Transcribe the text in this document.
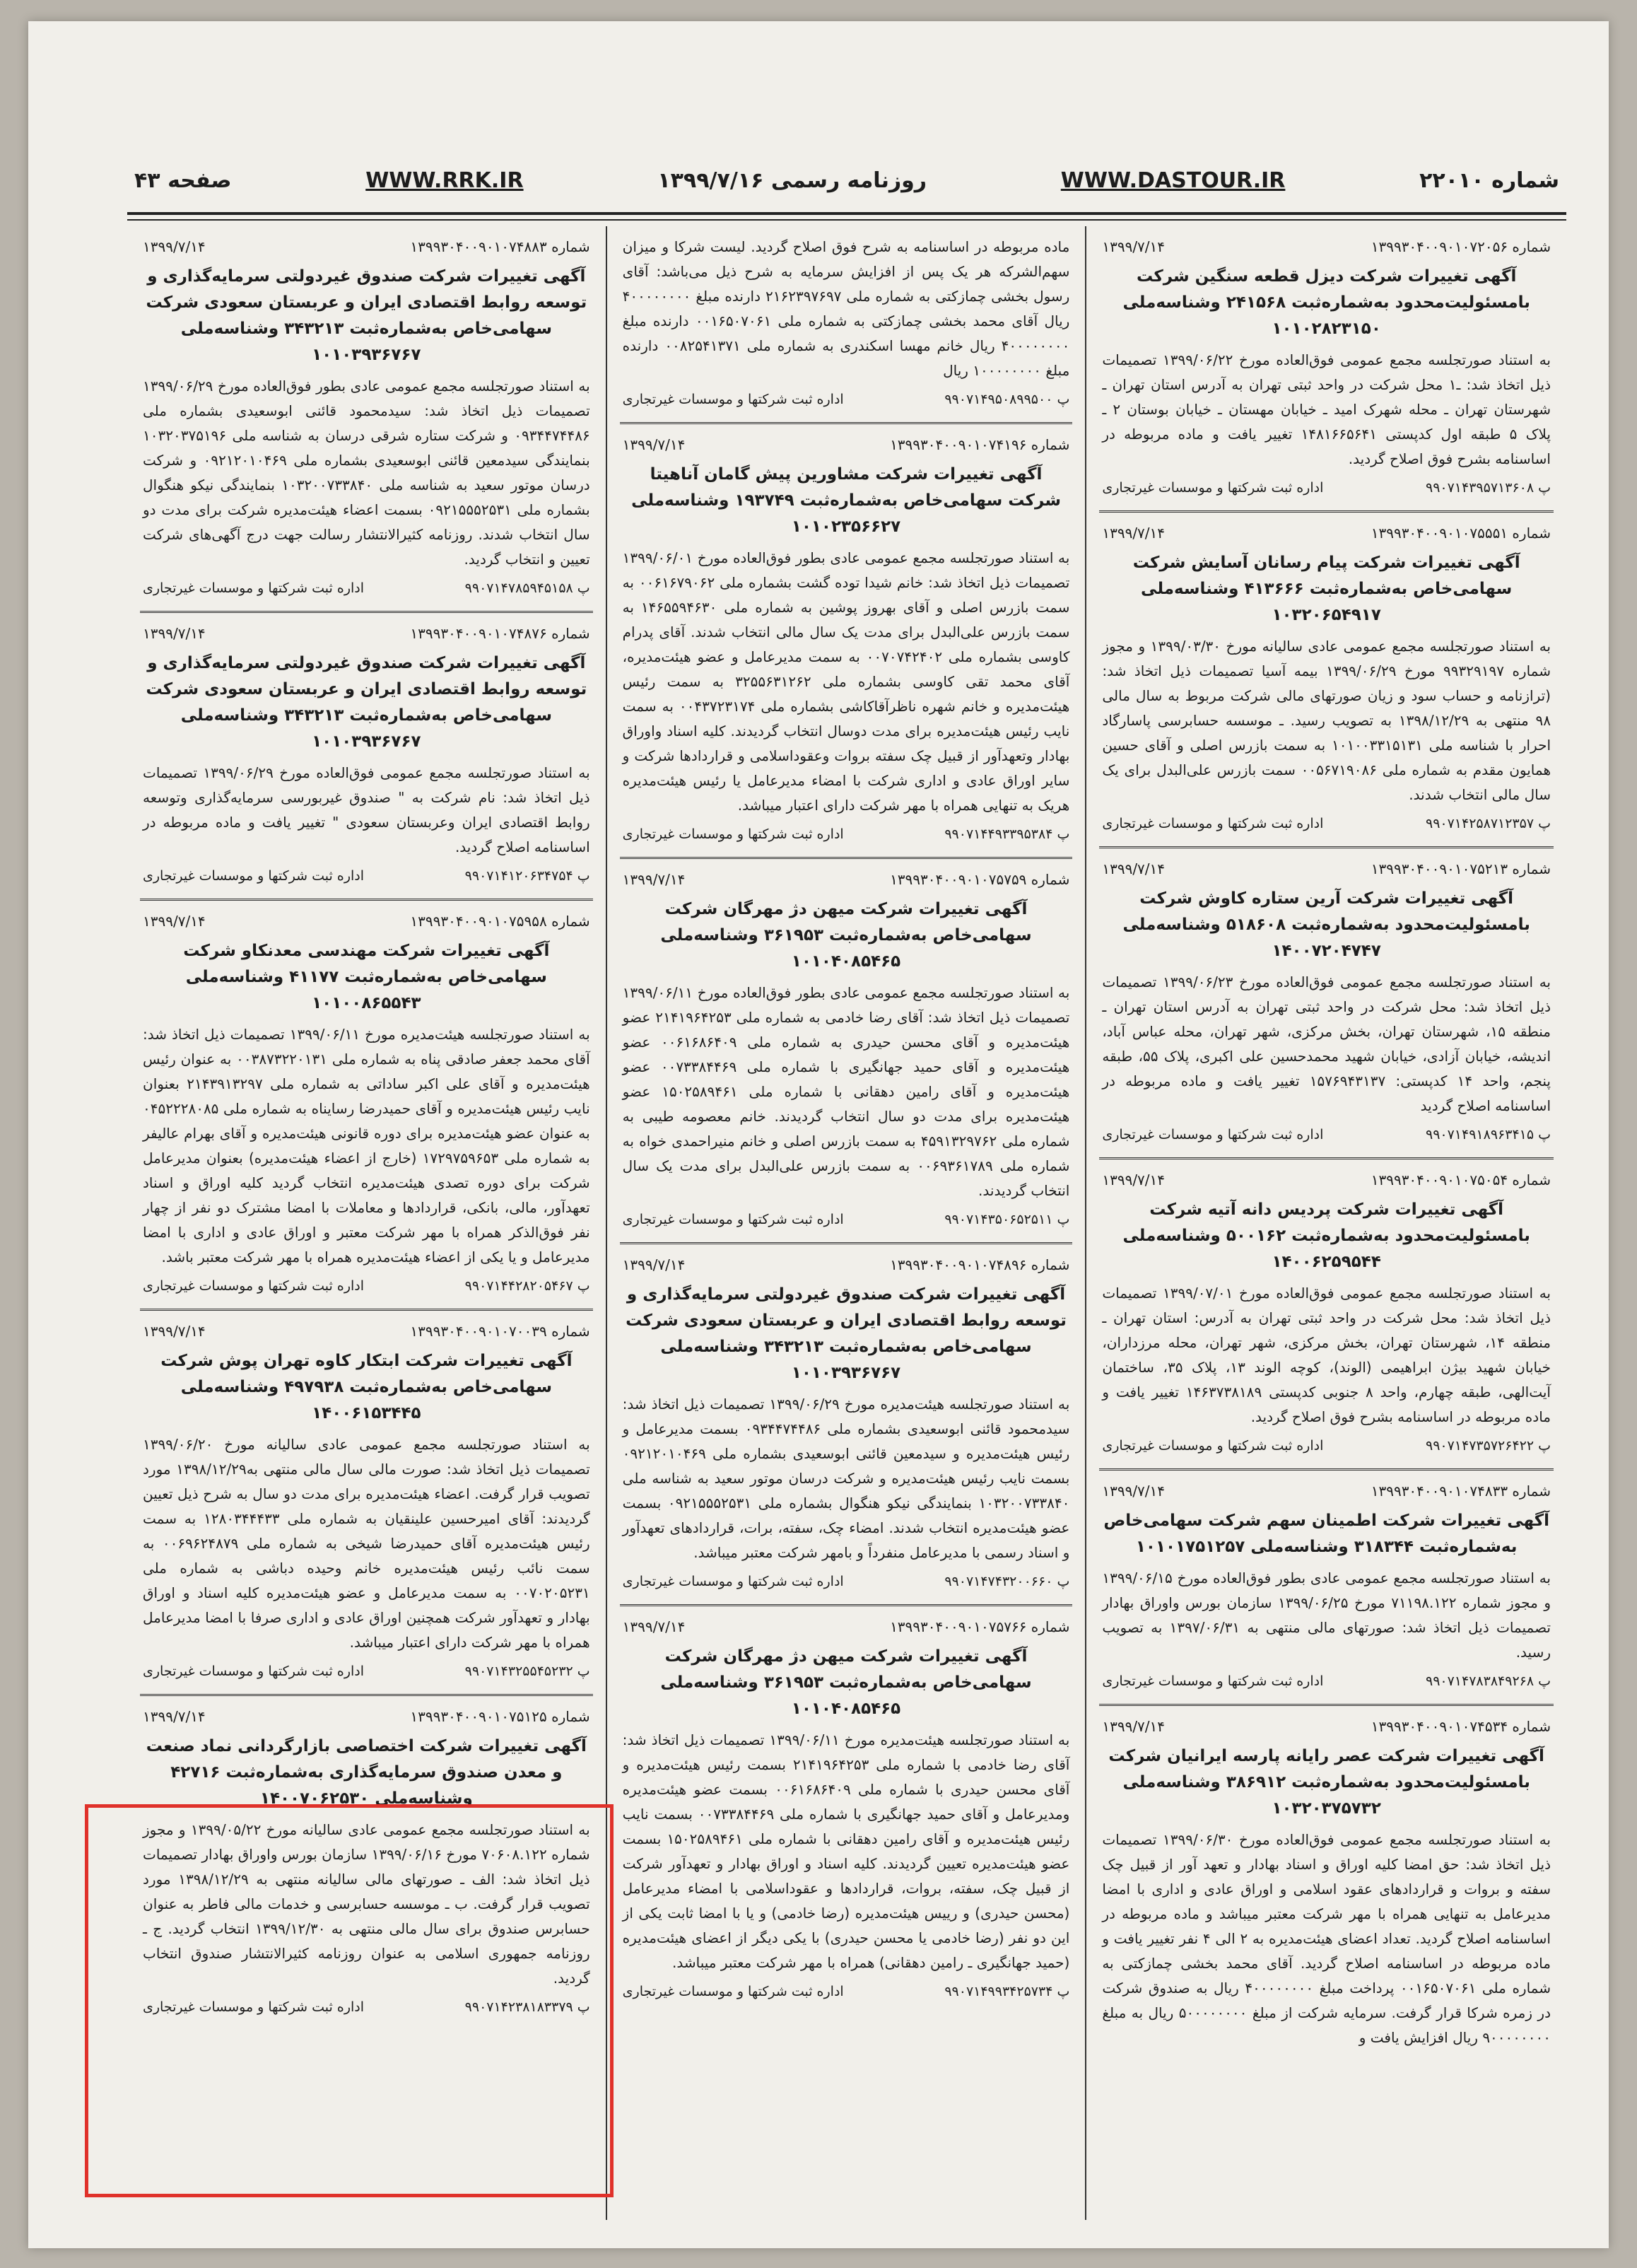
صفحه ۴۳	WWW.RRK.IR	روزنامه رسمی ۱۳۹۹/۷/۱۶	WWW.DASTOUR.IR	شماره ۲۲۰۱۰
شماره ۱۳۹۹۳۰۴۰۰۹۰۱۰۷۲۰۵۶
۱۳۹۹/۷/۱۴
آگهی تغییرات شرکت دیزل قطعه سنگین شرکت بامسئولیت‌محدود به‌شماره‌ثبت ۲۴۱۵۶۸ وشناسه‌ملی ۱۰۱۰۲۸۲۳۱۵۰
به استناد صورتجلسه مجمع عمومی فوق‌العاده مورخ ۱۳۹۹/۰۶/۲۲ تصمیمات ذیل اتخاذ شد: ـ۱ محل شرکت در واحد ثبتی تهران به آدرس استان تهران ـ شهرستان تهران ـ محله شهرک امید ـ خیابان مهستان ـ خیابان بوستان ۲ ـ پلاک ۵ طبقه اول کدپستی ۱۴۸۱۶۶۵۶۴۱ تغییر یافت و ماده مربوطه در اساسنامه بشرح فوق اصلاح گردید.
پ ۹۹۰۷۱۴۳۹۵۷۱۳۶۰۸
اداره ثبت شرکتها و موسسات غیرتجاری
شماره ۱۳۹۹۳۰۴۰۰۹۰۱۰۷۵۵۵۱
۱۳۹۹/۷/۱۴
آگهی تغییرات شرکت پیام رسانان آسایش شرکت سهامی‌خاص به‌شماره‌ثبت ۴۱۳۶۶۶ وشناسه‌ملی ۱۰۳۲۰۶۵۴۹۱۷
به استناد صورتجلسه مجمع عمومی عادی سالیانه مورخ ۱۳۹۹/۰۳/۳۰ و مجوز شماره ۹۹۳۲۹۱۹۷ مورخ ۱۳۹۹/۰۶/۲۹ بیمه آسیا تصمیمات ذیل اتخاذ شد: (ترازنامه و حساب سود و زیان صورتهای مالی شرکت مربوط به سال مالی ۹۸ منتهی به ۱۳۹۸/۱۲/۲۹ به تصویب رسید. ـ موسسه حسابرسی پاسارگاد احرار با شناسه ملی ۱۰۱۰۰۳۳۱۵۱۳۱ به سمت بازرس اصلی و آقای حسین همایون مقدم به شماره ملی ۰۰۵۶۷۱۹۰۸۶ سمت بازرس علی‌البدل برای یک سال مالی انتخاب شدند.
پ ۹۹۰۷۱۴۲۵۸۷۱۲۳۵۷
اداره ثبت شرکتها و موسسات غیرتجاری
شماره ۱۳۹۹۳۰۴۰۰۹۰۱۰۷۵۲۱۳
۱۳۹۹/۷/۱۴
آگهی تغییرات شرکت آرین ستاره کاوش شرکت بامسئولیت‌محدود به‌شماره‌ثبت ۵۱۸۶۰۸ وشناسه‌ملی ۱۴۰۰۷۲۰۴۷۴۷
به استناد صورتجلسه مجمع عمومی فوق‌العاده مورخ ۱۳۹۹/۰۶/۲۳ تصمیمات ذیل اتخاذ شد: محل شرکت در واحد ثبتی تهران به آدرس استان تهران ـ منطقه ۱۵، شهرستان تهران، بخش مرکزی، شهر تهران، محله عباس آباد، اندیشه، خیابان آزادی، خیابان شهید محمدحسین علی اکبری، پلاک ۵۵، طبقه پنجم، واحد ۱۴ کدپستی: ۱۵۷۶۹۴۳۱۳۷ تغییر یافت و ماده مربوطه در اساسنامه اصلاح گردید
پ ۹۹۰۷۱۴۹۱۸۹۶۳۴۱۵
اداره ثبت شرکتها و موسسات غیرتجاری
شماره ۱۳۹۹۳۰۴۰۰۹۰۱۰۷۵۰۵۴
۱۳۹۹/۷/۱۴
آگهی تغییرات شرکت پردیس دانه آتیه شرکت بامسئولیت‌محدود به‌شماره‌ثبت ۵۰۰۱۶۲ وشناسه‌ملی ۱۴۰۰۶۲۵۹۵۴۴
به استناد صورتجلسه مجمع عمومی فوق‌العاده مورخ ۱۳۹۹/۰۷/۰۱ تصمیمات ذیل اتخاذ شد: محل شرکت در واحد ثبتی تهران به آدرس: استان تهران ـ منطقه ۱۴، شهرستان تهران، بخش مرکزی، شهر تهران، محله مرزداران، خیابان شهید بیژن ابراهیمی (الوند)، کوچه الوند ۱۳، پلاک ۳۵، ساختمان آیت‌الهی، طبقه چهارم، واحد ۸ جنوبی کدپستی ۱۴۶۳۷۳۸۱۸۹ تغییر یافت و ماده مربوطه در اساسنامه بشرح فوق اصلاح گردید.
پ ۹۹۰۷۱۴۷۳۵۷۲۶۴۲۲
اداره ثبت شرکتها و موسسات غیرتجاری
شماره ۱۳۹۹۳۰۴۰۰۹۰۱۰۷۴۸۳۳
۱۳۹۹/۷/۱۴
آگهی تغییرات شرکت اطمینان سهم شرکت سهامی‌خاص به‌شماره‌ثبت ۳۱۸۳۴۴ وشناسه‌ملی ۱۰۱۰۱۷۵۱۲۵۷
به استناد صورتجلسه مجمع عمومی عادی بطور فوق‌العاده مورخ ۱۳۹۹/۰۶/۱۵ و مجوز شماره ۷۱۱۹۸.۱۲۲ مورخ ۱۳۹۹/۰۶/۲۵ سازمان بورس واوراق بهادار تصمیمات ذیل اتخاذ شد: صورتهای مالی منتهی به ۱۳۹۷/۰۶/۳۱ به تصویب رسید.
پ ۹۹۰۷۱۴۷۸۳۸۴۹۲۶۸
اداره ثبت شرکتها و موسسات غیرتجاری
شماره ۱۳۹۹۳۰۴۰۰۹۰۱۰۷۴۵۳۴
۱۳۹۹/۷/۱۴
آگهی تغییرات شرکت عصر رایانه پارسه ایرانیان شرکت بامسئولیت‌محدود به‌شماره‌ثبت ۳۸۶۹۱۲ وشناسه‌ملی ۱۰۳۲۰۳۷۵۷۳۲
به استناد صورتجلسه مجمع عمومی فوق‌العاده مورخ ۱۳۹۹/۰۶/۳۰ تصمیمات ذیل اتخاذ شد: حق امضا کلیه اوراق و اسناد بهادار و تعهد آور از قبیل چک سفته و بروات و قراردادهای عقود اسلامی و اوراق عادی و اداری با امضا مدیرعامل به تنهایی همراه با مهر شرکت معتبر میباشد و ماده مربوطه در اساسنامه اصلاح گردید. تعداد اعضای هیئت‌مدیره به ۲ الی ۴ نفر تغییر یافت و ماده مربوطه در اساسنامه اصلاح گردید. آقای محمد بخشی چمازکتی به شماره ملی ۰۰۱۶۵۰۷۰۶۱ پرداخت مبلغ ۴۰۰۰۰۰۰۰۰ ریال به صندوق شرکت در زمره شرکا قرار گرفت. سرمایه شرکت از مبلغ ۵۰۰۰۰۰۰۰۰ ریال به مبلغ ۹۰۰۰۰۰۰۰۰ ریال افزایش یافت و
ماده مربوطه در اساسنامه به شرح فوق اصلاح گردید. لیست شرکا و میزان سهم‌الشرکه هر یک پس از افزایش سرمایه به شرح ذیل می‌باشد: آقای رسول بخشی چمازکتی به شماره ملی ۲۱۶۲۳۹۷۶۹۷ دارنده مبلغ ۴۰۰۰۰۰۰۰۰ ریال آقای محمد بخشی چمازکتی به شماره ملی ۰۰۱۶۵۰۷۰۶۱ دارنده مبلغ ۴۰۰۰۰۰۰۰۰ ریال خانم مهسا اسکندری به شماره ملی ۰۰۸۲۵۴۱۳۷۱ دارنده مبلغ ۱۰۰۰۰۰۰۰۰ ریال
پ ۹۹۰۷۱۴۹۵۰۸۹۹۵۰۰
اداره ثبت شرکتها و موسسات غیرتجاری
شماره ۱۳۹۹۳۰۴۰۰۹۰۱۰۷۴۱۹۶
۱۳۹۹/۷/۱۴
آگهی تغییرات شرکت مشاورین پیش گامان آناهیتا شرکت سهامی‌خاص به‌شماره‌ثبت ۱۹۳۷۴۹ وشناسه‌ملی ۱۰۱۰۲۳۵۶۶۲۷
به استناد صورتجلسه مجمع عمومی عادی بطور فوق‌العاده مورخ ۱۳۹۹/۰۶/۰۱ تصمیمات ذیل اتخاذ شد: خانم شیدا توده گشت بشماره ملی ۰۰۶۱۶۷۹۰۶۲ به سمت بازرس اصلی و آقای بهروز پوشین به شماره ملی ۱۴۶۵۵۹۴۶۳۰ به سمت بازرس علی‌البدل برای مدت یک سال مالی انتخاب شدند. آقای پدرام کاوسی بشماره ملی ۰۰۷۰۷۴۲۴۰۲ به سمت مدیرعامل و عضو هیئت‌مدیره، آقای محمد تقی کاوسی بشماره ملی ۳۲۵۵۶۳۱۲۶۲ به سمت رئیس هیئت‌مدیره و خانم شهره ناظرآقاکاشی بشماره ملی ۰۰۴۳۷۲۳۱۷۴ به سمت نایب رئیس هیئت‌مدیره برای مدت دوسال انتخاب گردیدند. کلیه اسناد واوراق بهادار وتعهدآور از قبیل چک سفته بروات وعقوداسلامی و قراردادها شرکت و سایر اوراق عادی و اداری شرکت با امضاء مدیرعامل یا رئیس هیئت‌مدیره هریک به تنهایی همراه با مهر شرکت دارای اعتبار میباشد.
پ ۹۹۰۷۱۴۴۹۳۳۹۵۳۸۴
اداره ثبت شرکتها و موسسات غیرتجاری
شماره ۱۳۹۹۳۰۴۰۰۹۰۱۰۷۵۷۵۹
۱۳۹۹/۷/۱۴
آگهی تغییرات شرکت میهن دژ مهرگان شرکت سهامی‌خاص به‌شماره‌ثبت ۳۶۱۹۵۳ وشناسه‌ملی ۱۰۱۰۴۰۸۵۴۶۵
به استناد صورتجلسه مجمع عمومی عادی بطور فوق‌العاده مورخ ۱۳۹۹/۰۶/۱۱ تصمیمات ذیل اتخاذ شد: آقای رضا خادمی به شماره ملی ۲۱۴۱۹۶۴۲۵۳ عضو هیئت‌مدیره و آقای محسن حیدری به شماره ملی ۰۰۶۱۶۸۶۴۰۹ عضو هیئت‌مدیره و آقای حمید جهانگیری با شماره ملی ۰۰۷۳۳۸۴۴۶۹ عضو هیئت‌مدیره و آقای رامین دهقانی با شماره ملی ۱۵۰۲۵۸۹۴۶۱ عضو هیئت‌مدیره برای مدت دو سال انتخاب گردیدند. خانم معصومه طیبی به شماره ملی ۴۵۹۱۳۲۹۷۶۲ به سمت بازرس اصلی و خانم منیراحمدی خواه به شماره ملی ۰۰۶۹۳۶۱۷۸۹ به سمت بازرس علی‌البدل برای مدت یک سال انتخاب گردیدند.
پ ۹۹۰۷۱۴۳۵۰۶۵۲۵۱۱
اداره ثبت شرکتها و موسسات غیرتجاری
شماره ۱۳۹۹۳۰۴۰۰۹۰۱۰۷۴۸۹۶
۱۳۹۹/۷/۱۴
آگهی تغییرات شرکت صندوق غیردولتی سرمایه‌گذاری و توسعه روابط اقتصادی ایران و عربستان سعودی شرکت سهامی‌خاص به‌شماره‌ثبت ۳۴۳۲۱۳ وشناسه‌ملی ۱۰۱۰۳۹۳۶۷۶۷
به استناد صورتجلسه هیئت‌مدیره مورخ ۱۳۹۹/۰۶/۲۹ تصمیمات ذیل اتخاذ شد: سیدمحمود قائنی ابوسعیدی بشماره ملی ۰۹۳۴۴۷۴۴۸۶ بسمت مدیرعامل و رئیس هیئت‌مدیره و سیدمعین قائنی ابوسعیدی بشماره ملی ۰۹۲۱۲۰۱۰۴۶۹ بسمت نایب رئیس هیئت‌مدیره و شرکت درسان موتور سعید به شناسه ملی ۱۰۳۲۰۰۷۳۳۸۴۰ بنمایندگی نیکو هنگوال بشماره ملی ۰۹۲۱۵۵۵۲۵۳۱ بسمت عضو هیئت‌مدیره انتخاب شدند. امضاء چک، سفته، برات، قراردادهای تعهدآور و اسناد رسمی با مدیرعامل منفرداً و بامهر شرکت معتبر میباشد.
پ ۹۹۰۷۱۴۷۴۳۲۰۰۶۶۰
اداره ثبت شرکتها و موسسات غیرتجاری
شماره ۱۳۹۹۳۰۴۰۰۹۰۱۰۷۵۷۶۶
۱۳۹۹/۷/۱۴
آگهی تغییرات شرکت میهن دژ مهرگان شرکت سهامی‌خاص به‌شماره‌ثبت ۳۶۱۹۵۳ وشناسه‌ملی ۱۰۱۰۴۰۸۵۴۶۵
به استناد صورتجلسه هیئت‌مدیره مورخ ۱۳۹۹/۰۶/۱۱ تصمیمات ذیل اتخاذ شد: آقای رضا خادمی با شماره ملی ۲۱۴۱۹۶۴۲۵۳ بسمت رئیس هیئت‌مدیره و آقای محسن حیدری با شماره ملی ۰۰۶۱۶۸۶۴۰۹ بسمت عضو هیئت‌مدیره ومدیرعامل و آقای حمید جهانگیری با شماره ملی ۰۰۷۳۳۸۴۴۶۹ بسمت نایب رئیس هیئت‌مدیره و آقای رامین دهقانی با شماره ملی ۱۵۰۲۵۸۹۴۶۱ بسمت عضو هیئت‌مدیره تعیین گردیدند. کلیه اسناد و اوراق بهادار و تعهدآور شرکت از قبیل چک، سفته، بروات، قراردادها و عقوداسلامی با امضاء مدیرعامل (محسن حیدری) و رییس هیئت‌مدیره (رضا خادمی) و یا با امضا ثابت یکی از این دو نفر (رضا خادمی یا محسن حیدری) با یکی دیگر از اعضای هیئت‌مدیره (حمید جهانگیری ـ رامین دهقانی) همراه با مهر شرکت معتبر میباشد.
پ ۹۹۰۷۱۴۹۹۳۴۲۵۷۳۴
اداره ثبت شرکتها و موسسات غیرتجاری
شماره ۱۳۹۹۳۰۴۰۰۹۰۱۰۷۴۸۸۳
۱۳۹۹/۷/۱۴
آگهی تغییرات شرکت صندوق غیردولتی سرمایه‌گذاری و توسعه روابط اقتصادی ایران و عربستان سعودی شرکت سهامی‌خاص به‌شماره‌ثبت ۳۴۳۲۱۳ وشناسه‌ملی ۱۰۱۰۳۹۳۶۷۶۷
به استناد صورتجلسه مجمع عمومی عادی بطور فوق‌العاده مورخ ۱۳۹۹/۰۶/۲۹ تصمیمات ذیل اتخاذ شد: سیدمحمود قائنی ابوسعیدی بشماره ملی ۰۹۳۴۴۷۴۴۸۶ و شرکت ستاره شرقی درسان به شناسه ملی ۱۰۳۲۰۳۷۵۱۹۶ بنمایندگی سیدمعین قائنی ابوسعیدی بشماره ملی ۰۹۲۱۲۰۱۰۴۶۹ و شرکت درسان موتور سعید به شناسه ملی ۱۰۳۲۰۰۷۳۳۸۴۰ بنمایندگی نیکو هنگوال بشماره ملی ۰۹۲۱۵۵۵۲۵۳۱ بسمت اعضاء هیئت‌مدیره شرکت برای مدت دو سال انتخاب شدند. روزنامه کثیرالانتشار رسالت جهت درج آگهی‌های شرکت تعیین و انتخاب گردید.
پ ۹۹۰۷۱۴۷۸۵۹۴۵۱۵۸
اداره ثبت شرکتها و موسسات غیرتجاری
شماره ۱۳۹۹۳۰۴۰۰۹۰۱۰۷۴۸۷۶
۱۳۹۹/۷/۱۴
آگهی تغییرات شرکت صندوق غیردولتی سرمایه‌گذاری و توسعه روابط اقتصادی ایران و عربستان سعودی شرکت سهامی‌خاص به‌شماره‌ثبت ۳۴۳۲۱۳ وشناسه‌ملی ۱۰۱۰۳۹۳۶۷۶۷
به استناد صورتجلسه مجمع عمومی فوق‌العاده مورخ ۱۳۹۹/۰۶/۲۹ تصمیمات ذیل اتخاذ شد: نام شرکت به " صندوق غیربورسی سرمایه‌گذاری وتوسعه روابط اقتصادی ایران وعربستان سعودی " تغییر یافت و ماده مربوطه در اساسنامه اصلاح گردید.
پ ۹۹۰۷۱۴۱۲۰۶۳۴۷۵۴
اداره ثبت شرکتها و موسسات غیرتجاری
شماره ۱۳۹۹۳۰۴۰۰۹۰۱۰۷۵۹۵۸
۱۳۹۹/۷/۱۴
آگهی تغییرات شرکت مهندسی معدنکاو شرکت سهامی‌خاص به‌شماره‌ثبت ۴۱۱۷۷ وشناسه‌ملی ۱۰۱۰۰۸۶۵۵۴۳
به استناد صورتجلسه هیئت‌مدیره مورخ ۱۳۹۹/۰۶/۱۱ تصمیمات ذیل اتخاذ شد: آقای محمد جعفر صادقی پناه به شماره ملی ۰۰۳۸۷۳۲۲۰۱۳۱ به عنوان رئیس هیئت‌مدیره و آقای علی اکبر ساداتی به شماره ملی ۲۱۴۳۹۱۳۲۹۷ بعنوان نایب رئیس هیئت‌مدیره و آقای حمیدرضا رسایناه به شماره ملی ۰۴۵۲۲۲۸۰۸۵ به عنوان عضو هیئت‌مدیره برای دوره قانونی هیئت‌مدیره و آقای بهرام عالیفر به شماره ملی ۱۷۲۹۷۵۹۶۵۳ (خارج از اعضاء هیئت‌مدیره) بعنوان مدیرعامل شرکت برای دوره تصدی هیئت‌مدیره انتخاب گردید کلیه اوراق و اسناد تعهدآور، مالی، بانکی، قراردادها و معاملات با امضا مشترک دو نفر از چهار نفر فوق‌الذکر همراه با مهر شرکت معتبر و اوراق عادی و اداری با امضا مدیرعامل و یا یکی از اعضاء هیئت‌مدیره همراه با مهر شرکت معتبر باشد.
پ ۹۹۰۷۱۴۴۲۸۲۰۵۴۶۷
اداره ثبت شرکتها و موسسات غیرتجاری
شماره ۱۳۹۹۳۰۴۰۰۹۰۱۰۷۰۰۳۹
۱۳۹۹/۷/۱۴
آگهی تغییرات شرکت ابتکار کاوه تهران پوش شرکت سهامی‌خاص به‌شماره‌ثبت ۴۹۷۹۳۸ وشناسه‌ملی ۱۴۰۰۶۱۵۳۴۴۵
به استناد صورتجلسه مجمع عمومی عادی سالیانه مورخ ۱۳۹۹/۰۶/۲۰ تصمیمات ذیل اتخاذ شد: صورت مالی سال مالی منتهی به۱۳۹۸/۱۲/۲۹ مورد تصویب قرار گرفت. اعضاء هیئت‌مدیره برای مدت دو سال به شرح ذیل تعیین گردیدند: آقای امیرحسین علینقیان به شماره ملی ۱۲۸۰۳۴۴۴۳۳ به سمت رئیس هیئت‌مدیره آقای حمیدرضا شیخی به شماره ملی ۰۰۶۹۶۲۴۸۷۹ به سمت نائب رئیس هیئت‌مدیره خانم وحیده دباشی به شماره ملی ۰۰۷۰۲۰۵۲۳۱ به سمت مدیرعامل و عضو هیئت‌مدیره کلیه اسناد و اوراق بهادار و تعهدآور شرکت همچنین اوراق عادی و اداری صرفا با امضا مدیرعامل همراه با مهر شرکت دارای اعتبار میباشد.
پ ۹۹۰۷۱۴۳۲۵۵۴۵۲۳۲
اداره ثبت شرکتها و موسسات غیرتجاری
شماره ۱۳۹۹۳۰۴۰۰۹۰۱۰۷۵۱۲۵
۱۳۹۹/۷/۱۴
آگهی تغییرات شرکت اختصاصی بازارگردانی نماد صنعت و معدن صندوق سرمایه‌گذاری به‌شماره‌ثبت ۴۲۷۱۶ وشناسه‌ملی ۱۴۰۰۷۰۶۲۵۳۰
به استناد صورتجلسه مجمع عمومی عادی سالیانه مورخ ۱۳۹۹/۰۵/۲۲ و مجوز شماره ۷۰۶۰۸.۱۲۲ مورخ ۱۳۹۹/۰۶/۱۶ سازمان بورس واوراق بهادار تصمیمات ذیل اتخاذ شد: الف ـ صورتهای مالی سالیانه منتهی به ۱۳۹۸/۱۲/۲۹ مورد تصویب قرار گرفت. ب ـ موسسه حسابرسی و خدمات مالی فاطر به عنوان حسابرس صندوق برای سال مالی منتهی به ۱۳۹۹/۱۲/۳۰ انتخاب گردید. ج ـ روزنامه جمهوری اسلامی به عنوان روزنامه کثیرالانتشار صندوق انتخاب گردید.
پ ۹۹۰۷۱۴۲۳۸۱۸۳۳۷۹
اداره ثبت شرکتها و موسسات غیرتجاری
